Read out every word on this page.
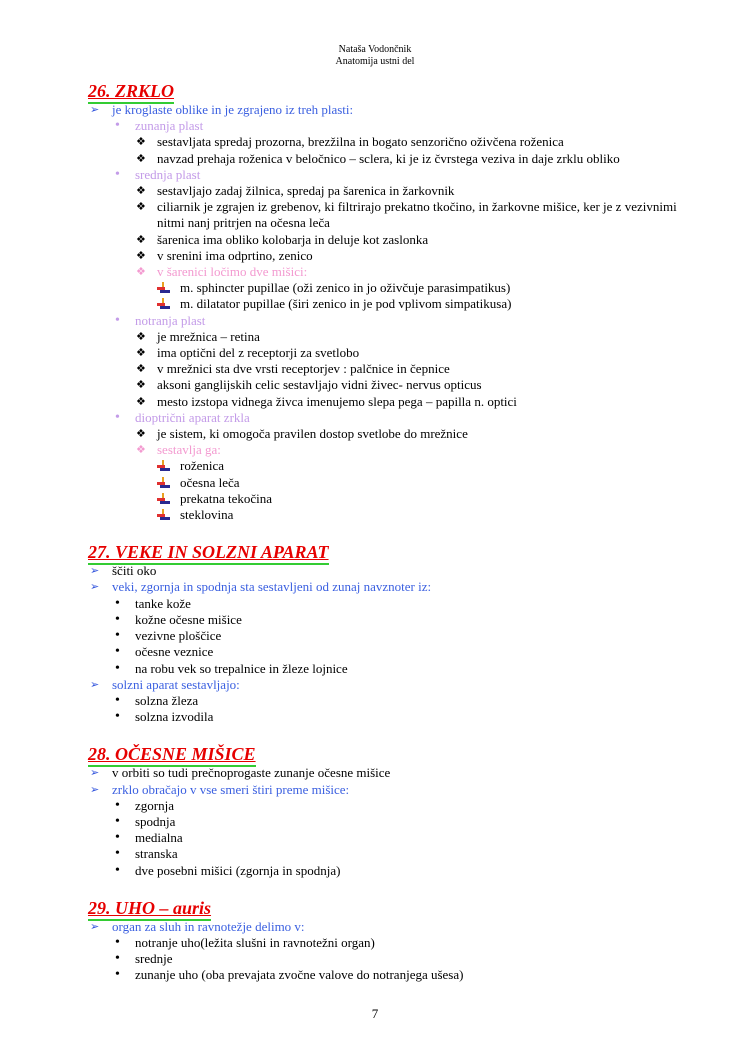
Nataša Vodončnik
Anatomija ustni del
26. ZRKLO
➢ je kroglaste oblike in je zgrajeno iz treh plasti:
• zunanja plast
❖ sestavljata spredaj prozorna, brezžilna in bogato senzorično oživčena roženica
❖ navzad prehaja roženica v beločnico – sclera, ki je iz čvrstega veziva in daje zrklu obliko
• srednja plast
❖ sestavljajo zadaj žilnica, spredaj pa šarenica in žarkovnik
❖ ciliarnik je zgrajen iz grebenov, ki filtrirajo prekatno tkočino, in žarkovne mišice, ker je z vezivnimi nitmi nanj pritrjen na očesna leča
❖ šarenica ima obliko kolobarja in deluje kot zaslonka
❖ v srenini ima odprtino, zenico
❖ v šarenici ločimo dve mišici:
m. sphincter pupillae (oži zenico in jo oživčuje parasimpatikus)
m. dilatator pupillae (širi zenico in je pod vplivom simpatikusa)
• notranja plast
❖ je mrežnica – retina
❖ ima optični del z receptorji za svetlobo
❖ v mrežnici sta dve vrsti receptorjev : palčnice in čepnice
❖ aksoni ganglijskih celic sestavljajo vidni živec- nervus opticus
❖ mesto izstopa vidnega živca imenujemo slepa pega – papilla n. optici
• dioptrični aparat zrkla
❖ je sistem, ki omogoča pravilen dostop svetlobe do mrežnice
❖ sestavlja ga:
roženica
očesna leča
prekatna tekočina
steklovina
27. VEKE IN SOLZNI APARAT
➢ ščiti oko
➢ veki, zgornja in spodnja sta sestavljeni od zunaj navznoter iz:
• tanke kože
• kožne očesne mišice
• vezivne ploščice
• očesne veznice
• na robu vek so trepalnice in žleze lojnice
➢ solzni aparat sestavljajo:
• solzna žleza
• solzna izvodila
28. OČESNE MIŠICE
➢ v orbiti so tudi prečnoprogaste zunanje očesne mišice
➢ zrklo obračajo v vse smeri štiri preme mišice:
• zgornja
• spodnja
• medialna
• stranska
• dve posebni mišici (zgornja in spodnja)
29. UHO – auris
➢ organ za sluh in ravnotežje delimo v:
• notranje uho(ležita slušni in ravnotežni organ)
• srednje
• zunanje uho (oba prevajata zvočne valove do notranjega ušesa)
7
